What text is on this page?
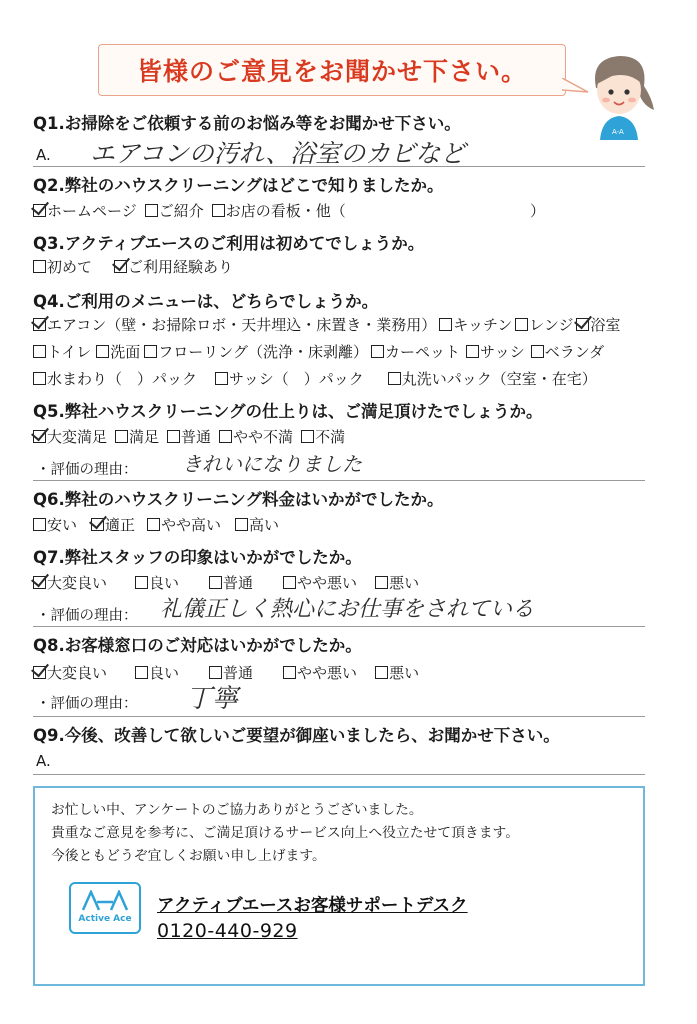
皆様のご意見をお聞かせ下さい。
A-A
Q1.お掃除をご依頼する前のお悩み等をお聞かせ下さい。
A. エアコンの汚れ、浴室のカビなど
Q2.弊社のハウスクリーニングはどこで知りましたか。
ホームページ ご紹介 お店の看板・他（	）
Q3.アクティブエースのご利用は初めてでしょうか。
初めて ご利用経験あり
Q4.ご利用のメニューは、どちらでしょうか。
エアコン（壁・お掃除ロボ・天井埋込・床置き・業務用） キッチン レンジ 浴室
トイレ 洗面 フローリング（洗浄・床剥離） カーペット サッシ ベランダ
水まわり（　）パック サッシ（　）パック	丸洗いパック（空室・在宅）
Q5.弊社ハウスクリーニングの仕上りは、ご満足頂けたでしょうか。
大変満足 満足 普通 やや不満 不満
・評価の理由： きれいになりました
Q6.弊社のハウスクリーニング料金はいかがでしたか。
安い 適正 やや高い 高い
Q7.弊社スタッフの印象はいかがでしたか。
大変良い	良い	普通	やや悪い 悪い
・評価の理由： 礼儀正しく熱心にお仕事をされている
Q8.お客様窓口のご対応はいかがでしたか。
大変良い	良い	普通	やや悪い 悪い
・評価の理由： 丁寧
Q9.今後、改善して欲しいご要望が御座いましたら、お聞かせ下さい。
A.
お忙しい中、アンケートのご協力ありがとうございました。
貴重なご意見を参考に、ご満足頂けるサービス向上へ役立たせて頂きます。
今後ともどうぞ宜しくお願い申し上げます。
Active Ace
アクティブエースお客様サポートデスク
0120-440-929
